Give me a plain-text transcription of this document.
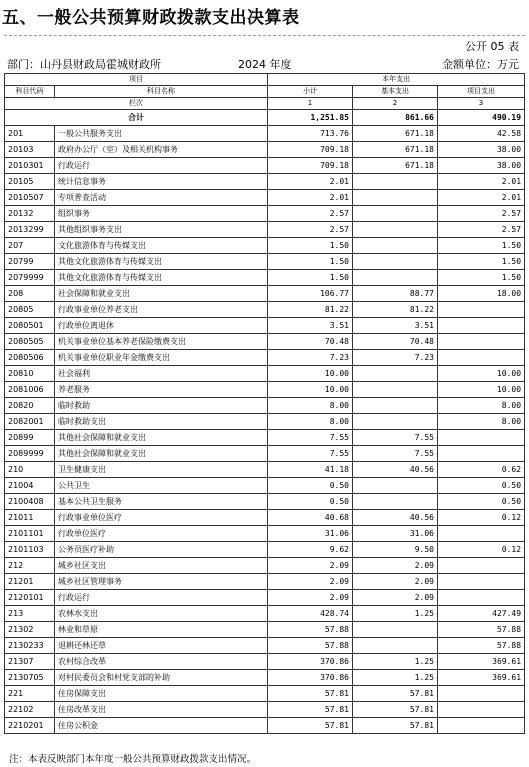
五、一般公共预算财政拨款支出决算表
公开 05 表
部门：山丹县财政局霍城财政所	2024 年度	金额单位：万元
项目		本年支出		
科目代码	科目名称	小计	基本支出	项目支出
栏次		1	2	3
合计		1,251.85	861.66	490.19
201	一般公共服务支出	713.76	671.18	42.58
20103	政府办公厅（室）及相关机构事务	709.18	671.18	38.00
2010301	行政运行	709.18	671.18	38.00
20105	统计信息事务	2.01		2.01
2010507	专项普查活动	2.01		2.01
20132	组织事务	2.57		2.57
2013299	其他组织事务支出	2.57		2.57
207	文化旅游体育与传媒支出	1.50		1.50
20799	其他文化旅游体育与传媒支出	1.50		1.50
2079999	其他文化旅游体育与传媒支出	1.50		1.50
208	社会保障和就业支出	106.77	88.77	18.00
20805	行政事业单位养老支出	81.22	81.22	
2080501	行政单位离退休	3.51	3.51	
2080505	机关事业单位基本养老保险缴费支出	70.48	70.48	
2080506	机关事业单位职业年金缴费支出	7.23	7.23	
20810	社会福利	10.00		10.00
2081006	养老服务	10.00		10.00
20820	临时救助	8.00		8.00
2082001	临时救助支出	8.00		8.00
20899	其他社会保障和就业支出	7.55	7.55	
2089999	其他社会保障和就业支出	7.55	7.55	
210	卫生健康支出	41.18	40.56	0.62
21004	公共卫生	0.50		0.50
2100408	基本公共卫生服务	0.50		0.50
21011	行政事业单位医疗	40.68	40.56	0.12
2101101	行政单位医疗	31.06	31.06	
2101103	公务员医疗补助	9.62	9.50	0.12
212	城乡社区支出	2.09	2.09	
21201	城乡社区管理事务	2.09	2.09	
2120101	行政运行	2.09	2.09	
213	农林水支出	428.74	1.25	427.49
21302	林业和草原	57.88		57.88
2130233	退耕还林还草	57.88		57.88
21307	农村综合改革	370.86	1.25	369.61
2130705	对村民委员会和村党支部的补助	370.86	1.25	369.61
221	住房保障支出	57.81	57.81	
22102	住房改革支出	57.81	57.81	
2210201	住房公积金	57.81	57.81	
注：本表反映部门本年度一般公共预算财政拨款支出情况。
